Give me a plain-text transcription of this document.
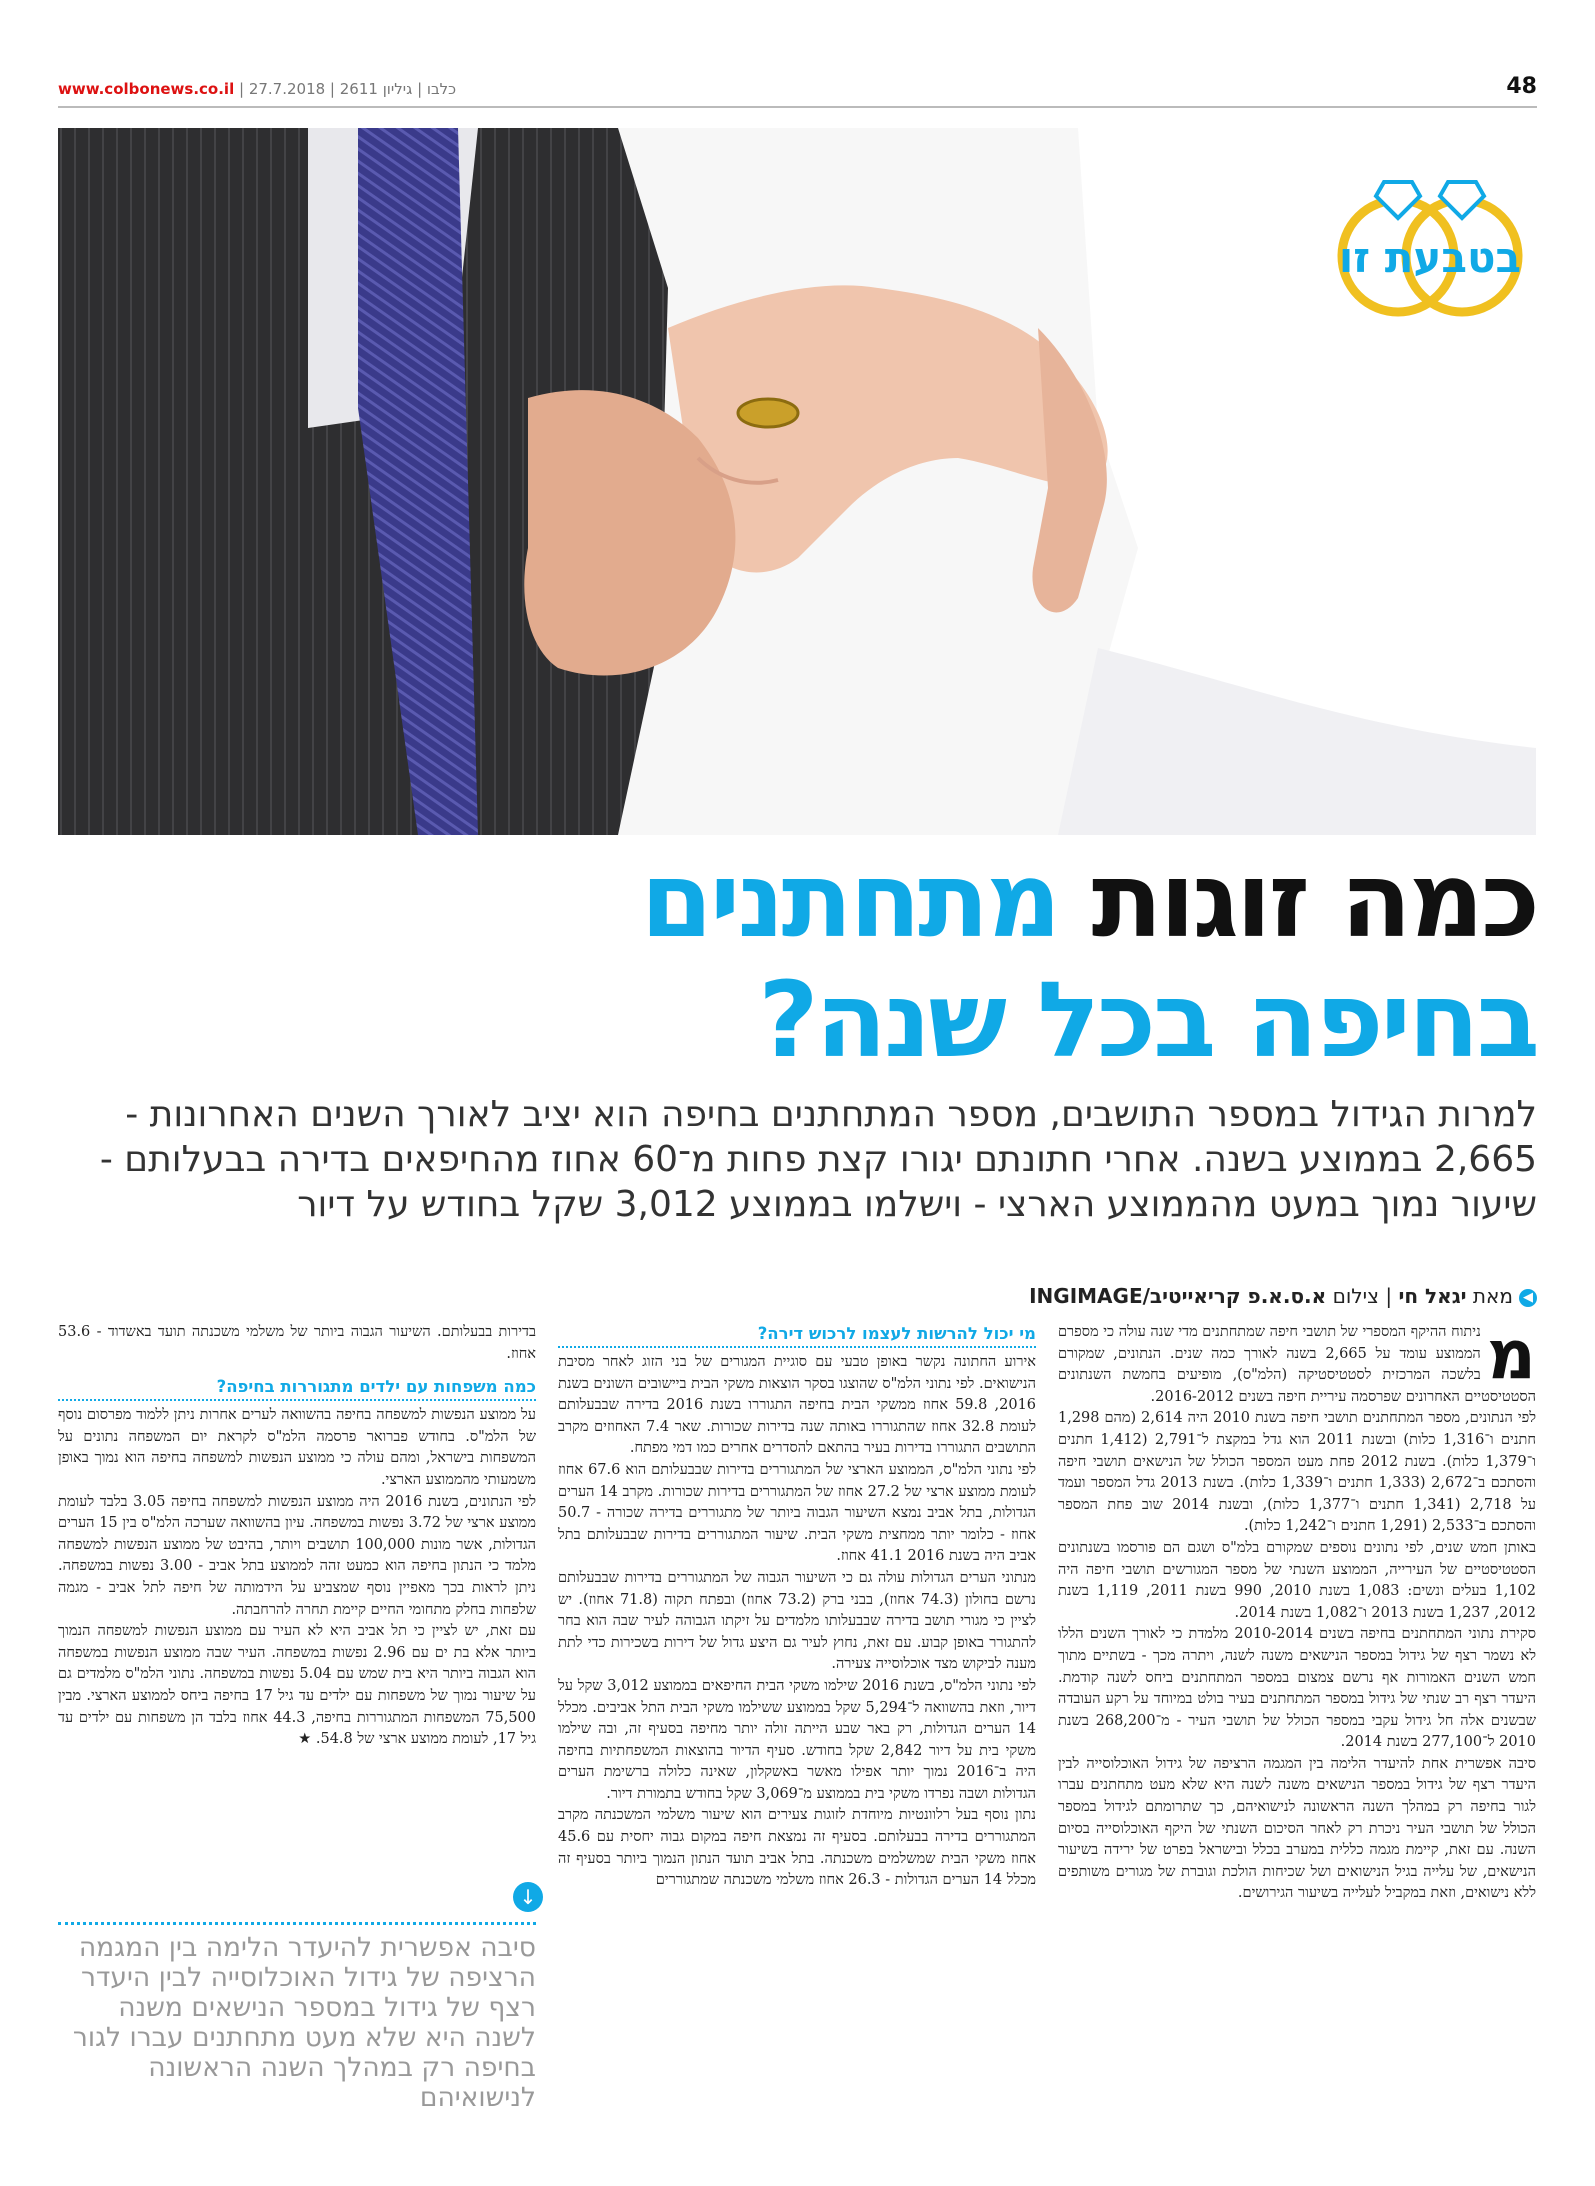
www.colbonews.co.il | כלבו | גיליון 2611 | 27.7.2018	48
בטבעת זו
כמה זוגות מתחתנים
בחיפה בכל שנה?
למרות הגידול במספר התושבים, מספר המתחתנים בחיפה הוא יציב לאורך השנים האחרונות - 2,665 בממוצע בשנה. אחרי חתונתם יגורו קצת פחות מ־60 אחוז מהחיפאים בדירה בבעלותם - שיעור נמוך במעט מהממוצע הארצי - וישלמו בממוצע 3,012 שקל בחודש על דיור
◀מאת יגאל חי | צילום א.ס.א.פ קריאייטיב/INGIMAGE
מ

ניתוח ההיקף המספרי של תושבי חיפה שמתחתנים מדי שנה עולה כי מספרם הממוצע עומד על 2,665 בשנה לאורך כמה שנים. הנתונים, שמקורם בלשכה המרכזית לסטטיסטיקה (הלמ"ס), מופיעים בחמשת השנתונים הסטטיסטיים האחרונים שפרסמה עיריית חיפה בשנים 2016-2012.

לפי הנתונים, מספר המתחתנים תושבי חיפה בשנת 2010 היה 2,614 (מהם 1,298 חתנים ו־1,316 כלות) ובשנת 2011 הוא גדל במקצת ל־2,791 (1,412 חתנים ו־1,379 כלות). בשנת 2012 פחת מעט המספר הכולל של הנישאים תושבי חיפה והסתכם ב־2,672 (1,333 חתנים ו־1,339 כלות). בשנת 2013 גדל המספר ועמד על 2,718 (1,341 חתנים ו־1,377 כלות), ובשנת 2014 שוב פחת המספר והסתכם ב־2,533 (1,291 חתנים ו־1,242 כלות).

באותן חמש שנים, לפי נתונים נוספים שמקורם בלמ"ס ושגם הם פורסמו בשנתונים הסטטיסטיים של העירייה, הממוצע השנתי של מספר המגורשים תושבי חיפה היה 1,102 בעלים ונשים: 1,083 בשנת 2010, 990 בשנת 2011, 1,119 בשנת 2012, 1,237 בשנת 2013 ו־1,082 בשנת 2014.

סקירת נתוני המתחתנים בחיפה בשנים 2010-2014 מלמדת כי לאורך השנים הללו לא נשמר רצף של גידול במספר הנישאים משנה לשנה, ויתרה מכך - בשתיים מתוך חמש השנים האמורות אף נרשם צמצום במספר המתחתנים ביחס לשנה קודמת. היעדר רצף רב שנתי של גידול במספר המתחתנים בעיר בולט במיוחד על רקע העובדה שבשנים אלה חל גידול עקבי במספר הכולל של תושבי העיר - מ־268,200 בשנת 2010 ל־277,100 בשנת 2014.

סיבה אפשרית אחת להיעדר הלימה בין המגמה הרציפה של גידול האוכלוסייה לבין היעדר רצף של גידול במספר הנישאים משנה לשנה היא שלא מעט מתחתנים עברו לגור בחיפה רק במהלך השנה הראשונה לנישואיהם, כך שתרומתם לגידול במספר הכולל של תושבי העיר ניכרת רק לאחר הסיכום השנתי של היקף האוכלוסייה בסיום השנה. עם זאת, קיימת מגמה כללית במערב בכלל ובישראל בפרט של ירידה בשיעור הנישאים, של עלייה בגיל הנישואים ושל שכיחות הולכת וגוברת של מגורים משותפים ללא נישואים, וזאת במקביל לעלייה בשיעור הגירושים.

מי יכול להרשות לעצמו לרכוש דירה?

אירוע החתונה נקשר באופן טבעי עם סוגיית המגורים של בני הזוג לאחר מסיבת הנישואים. לפי נתוני הלמ"ס שהוצגו בסקר הוצאות משקי הבית ביישובים השונים בשנת 2016, 59.8 אחוז ממשקי הבית בחיפה התגוררו בשנת 2016 בדירה שבבעלותם לעומת 32.8 אחוז שהתגוררו באותה שנה בדירות שכורות. שאר 7.4 האחוזים מקרב התושבים התגוררו בדירות בעיר בהתאם להסדרים אחרים כמו דמי מפתח.

לפי נתוני הלמ"ס, הממוצע הארצי של המתגוררים בדירות שבבעלותם הוא 67.6 אחוז לעומת ממוצע ארצי של 27.2 אחוז של המתגוררים בדירות שכורות. מקרב 14 הערים הגדולות, בתל אביב נמצא השיעור הגבוה ביותר של מתגוררים בדירה שכורה - 50.7 אחוז - כלומר יותר ממחצית משקי הבית. שיעור המתגוררים בדירות שבבעלותם בתל אביב היה בשנת 2016 41.1 אחוז.

מנתוני הערים הגדולות עולה גם כי השיעור הגבוה של המתגוררים בדירות שבבעלותם נרשם בחולון (74.3 אחוז), בבני ברק (73.2 אחוז) ובפתח תקוה (71.8 אחוז). יש לציין כי מגורי תושב בדירה שבבעלותו מלמדים על זיקתו הגבוהה לעיר שבה הוא בחר להתגורר באופן קבוע. עם זאת, נחוץ לעיר גם היצע גדול של דירות בשכירות כדי לתת מענה לביקוש מצד אוכלוסייה צעירה.

לפי נתוני הלמ"ס, בשנת 2016 שילמו משקי הבית החיפאים בממוצע 3,012 שקל על דיור, וזאת בהשוואה ל־5,294 שקל בממוצע ששילמו משקי הבית התל אביבים. מכלל 14 הערים הגדולות, רק באר שבע הייתה זולה יותר מחיפה בסעיף זה, ובה שילמו משקי בית על דיור 2,842 שקל בחודש. סעיף הדיור בהוצאות המשפחתיות בחיפה היה ב־2016 נמוך יותר אפילו מאשר באשקלון, שאינה כלולה ברשימת הערים הגדולות ושבה נפרדו משקי בית בממוצע מ־3,069 שקל בחודש בתמורת דיור.

נתון נוסף בעל רלוונטיות מיוחדת לזוגות צעירים הוא שיעור משלמי המשכנתה מקרב המתגוררים בדירה בבעלותם. בסעיף זה נמצאת חיפה במקום גבוה יחסית עם 45.6 אחוז משקי הבית שמשלמים משכנתה. בתל אביב תועד הנתון הנמוך ביותר בסעיף זה מכלל 14 הערים הגדולות - 26.3 אחוז משלמי משכנתה שמתגוררים

בדירות בבעלותם. השיעור הגבוה ביותר של משלמי משכנתה תועד באשדוד - 53.6 אחוז.

כמה משפחות עם ילדים מתגוררות בחיפה?

על ממוצע הנפשות למשפחה בחיפה בהשוואה לערים אחרות ניתן ללמוד מפרסום נוסף של הלמ"ס. בחודש פברואר פרסמה הלמ"ס לקראת יום המשפחה נתונים על המשפחות בישראל, ומהם עולה כי ממוצע הנפשות למשפחה בחיפה הוא נמוך באופן משמעותי מהממוצע הארצי.

לפי הנתונים, בשנת 2016 היה ממוצע הנפשות למשפחה בחיפה 3.05 בלבד לעומת ממוצע ארצי של 3.72 נפשות במשפחה. עיון בהשוואה שערכה הלמ"ס בין 15 הערים הגדולות, אשר מונות 100,000 תושבים ויותר, בהיבט של ממוצע הנפשות למשפחה מלמד כי הנתון בחיפה הוא כמעט זהה לממוצע בתל אביב - 3.00 נפשות במשפחה. ניתן לראות בכך מאפיין נוסף שמצביע על הידמותה של חיפה לתל אביב - מגמה שלפחות בחלק מתחומי החיים קיימת תחרה להרחבתה.

עם זאת, יש לציין כי תל אביב היא לא העיר עם ממוצע הנפשות למשפחה הנמוך ביותר אלא בת ים עם 2.96 נפשות במשפחה. העיר שבה ממוצע הנפשות במשפחה הוא הגבוה ביותר היא בית שמש עם 5.04 נפשות במשפחה. נתוני הלמ"ס מלמדים גם על שיעור נמוך של משפחות עם ילדים עד גיל 17 בחיפה ביחס לממוצע הארצי. מבין 75,500 המשפחות המתגוררות בחיפה, 44.3 אחוז בלבד הן משפחות עם ילדים עד גיל 17, לעומת ממוצע ארצי של 54.8. ★

↓
סיבה אפשרית להיעדר הלימה בין המגמה הרציפה של גידול האוכלוסייה לבין היעדר רצף של גידול במספר הנישאים משנה לשנה היא שלא מעט מתחתנים עברו לגור בחיפה רק במהלך השנה הראשונה לנישואיהם
